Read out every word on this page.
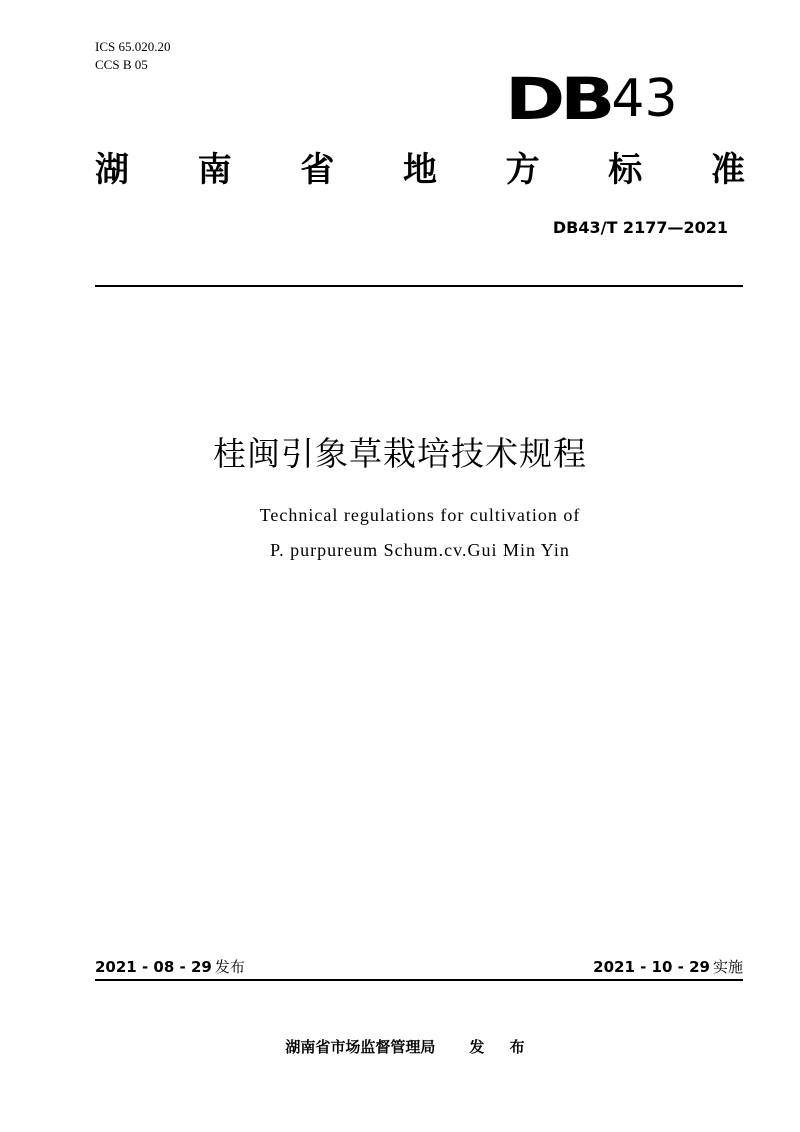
ICS 65.020.20
CCS B 05
DB 43
湖 南 省 地 方 标 准
DB43/T 2177—2021
桂闽引象草栽培技术规程
Technical regulations for cultivation of
P. purpureum Schum.cv.Gui Min Yin
2021 - 08 - 29 发布	2021 - 10 - 29 实施
湖南省市场监督管理局 发 布
